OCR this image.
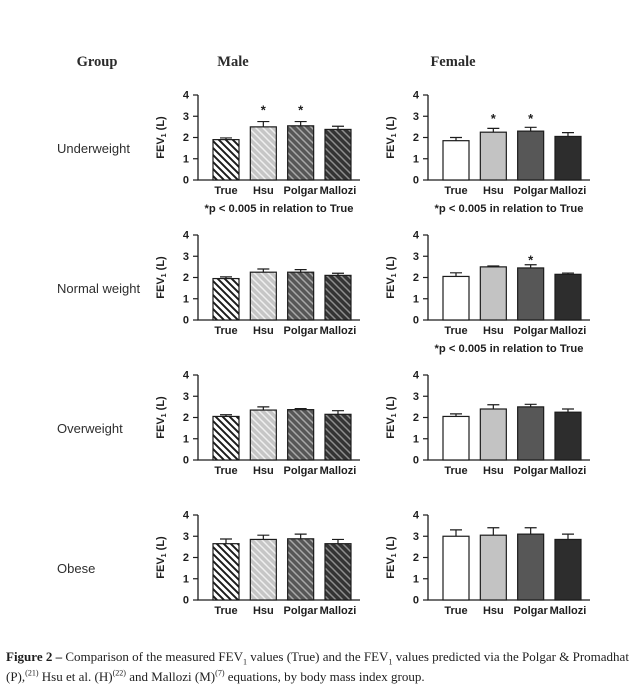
Group	Male	Female
Underweight
0
1
2
3
4
FEV1 (L)
True
*
Hsu
*
Polgar Mallozi
*p < 0.005 in relation to True
0
1
2
3
4
FEV1 (L)
True
*
Hsu
*
Polgar Mallozi
*p < 0.005 in relation to True
Normal weight
0
1
2
3
4
FEV1 (L)
True Hsu Polgar Mallozi
0
1
2
3
4
FEV1 (L)
True Hsu
*
Polgar Mallozi
*p < 0.005 in relation to True
Overweight
0
1
2
3
4
FEV1 (L)
True Hsu Polgar Mallozi
0
1
2
3
4
FEV1 (L)
True Hsu Polgar Mallozi
Obese
0
1
2
3
4
FEV1 (L)
True Hsu Polgar Mallozi
0
1
2
3
4
FEV1 (L)
True Hsu Polgar Mallozi
Figure 2 – Comparison of the measured $FEV_1$ values (True) and the $FEV_1$ values predicted via the Polgar & Promadhat (P),$^{(21)}$ Hsu et al. $(H)^{(22)}$ and Mallozi $(M)^{(7)}$ equations, by body mass index group.
